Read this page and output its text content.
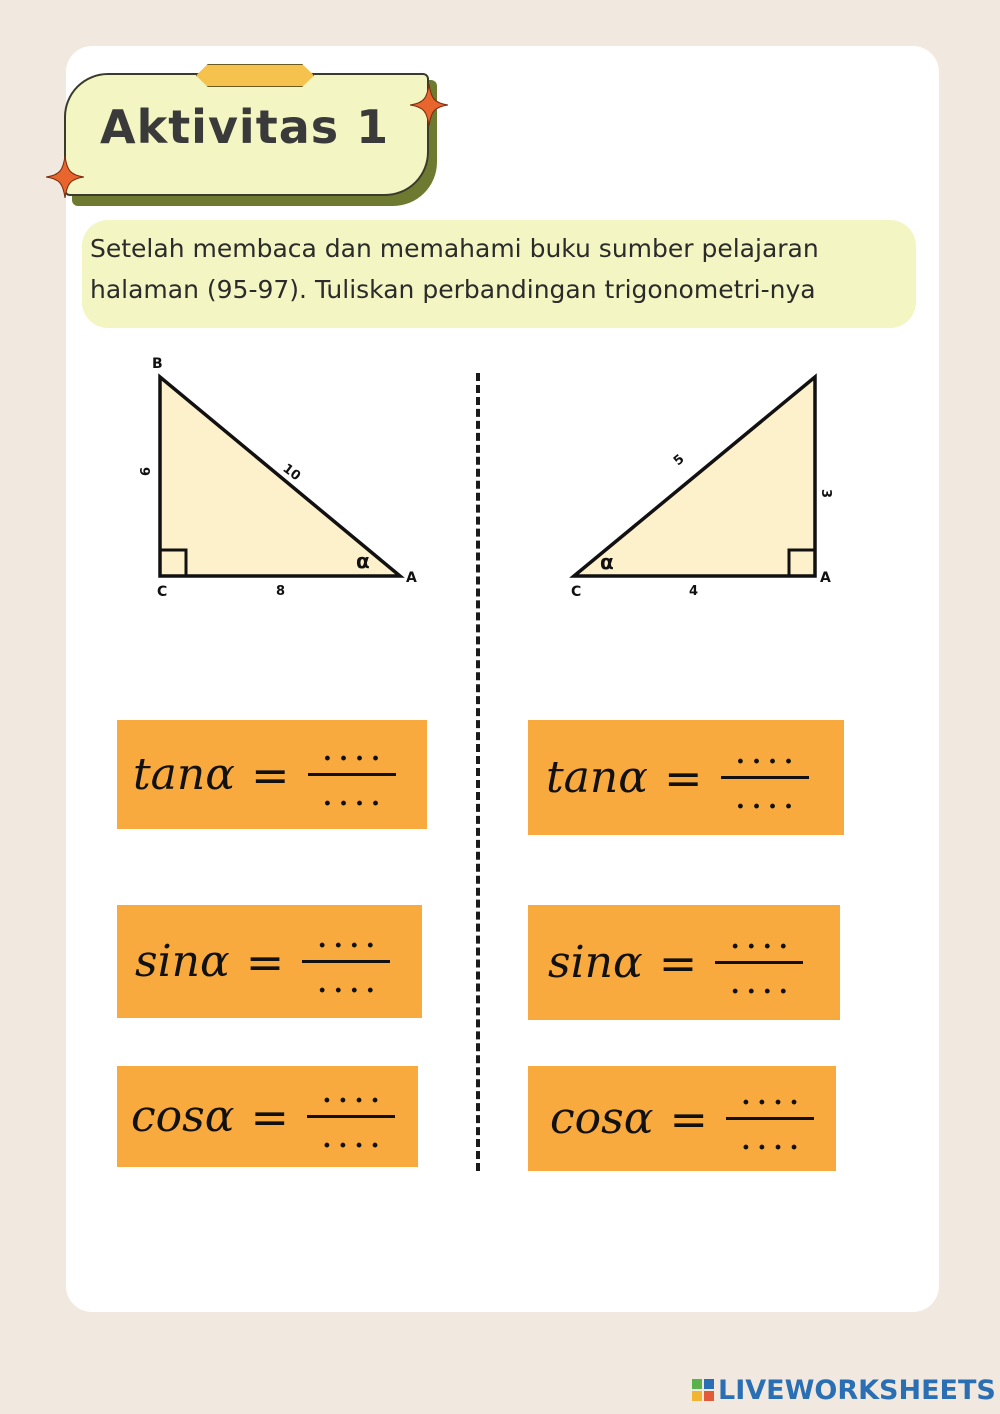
Aktivitas 1

Setelah membaca dan memahami buku sumber pelajaran

halaman (95-97). Tuliskan perbandingan trigonometri-nya

B
C
A
6	10
8
α
C
A
5
3
4
α
$\tan\alpha = \frac{....}{....}$
$\sin\alpha = \frac{....}{....}$
$\cos\alpha = \frac{....}{....}$
$\tan\alpha = \frac{....}{....}$
$\sin\alpha = \frac{....}{....}$
$\cos\alpha = \frac{....}{....}$
LIVEWORKSHEETS
